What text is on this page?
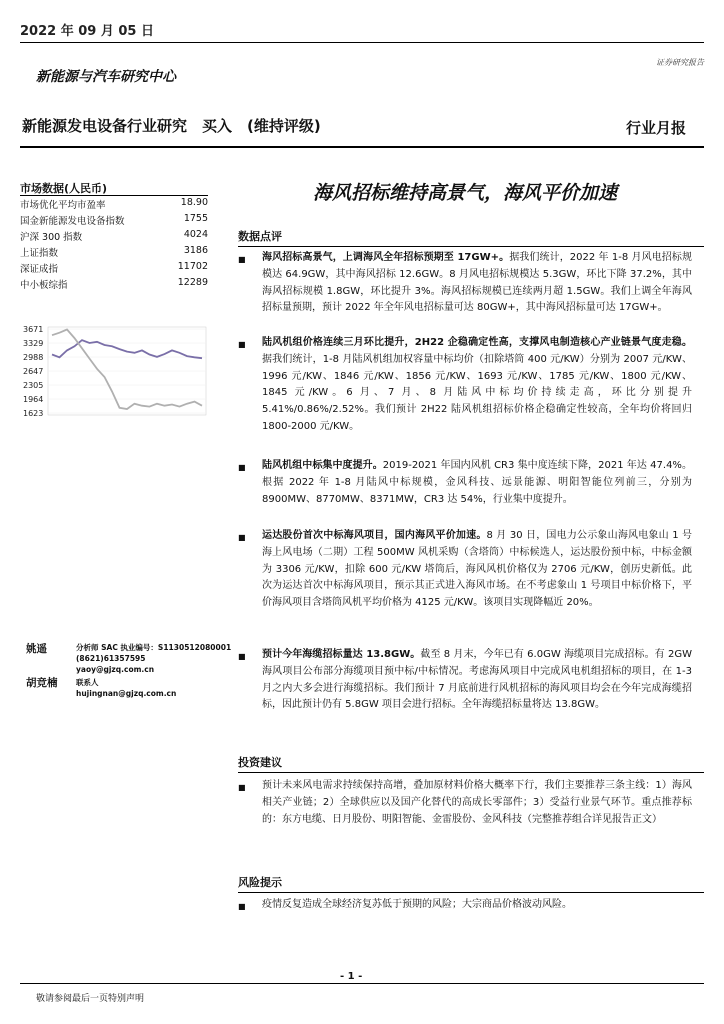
2022 年 09 月 05 日
证券研究报告
新能源与汽车研究中心
新能源发电设备行业研究　买入　(维持评级)	行业月报
市场数据(人民币)
市场优化平均市盈率	18.90
国金新能源发电设备指数	1755
沪深 300 指数	4024
上证指数	3186
深证成指	11702
中小板综指	12289
3671
3329
2988
2647
2305
1964
1623
姚遥	分析师 SAC 执业编号：S1130512080001
(8621)61357595
yaoy@gjzq.com.cn
胡竞楠 联系人
hujingnan@gjzq.com.cn
海风招标维持高景气，海风平价加速
数据点评
■ 海风招标高景气，上调海风全年招标预期至 17GW+。据我们统计，2022 年 1-8 月风电招标规模达 64.9GW，其中海风招标 12.6GW。8 月风电招标规模达 5.3GW，环比下降 37.2%，其中海风招标规模 1.8GW，环比提升 3%。海风招标规模已连续两月超 1.5GW。我们上调全年海风招标量预期，预计 2022 年全年风电招标量可达 80GW+，其中海风招标量可达 17GW+。
■ 陆风机组价格连续三月环比提升，2H22 企稳确定性高，支撑风电制造核心产业链景气度走稳。据我们统计，1-8 月陆风机组加权容量中标均价（扣除塔筒 400 元/KW）分别为 2007 元/KW、1996 元/KW、1846 元/KW、1856 元/KW、1693 元/KW、1785 元/KW、1800 元/KW、1845 元/KW。6 月、7 月、8 月陆风中标均价持续走高，环比分别提升 5.41%/0.86%/2.52%。我们预计 2H22 陆风机组招标价格企稳确定性较高，全年均价将回归 1800-2000 元/KW。
■ 陆风机组中标集中度提升。2019-2021 年国内风机 CR3 集中度连续下降，2021 年达 47.4%。根据 2022 年 1-8 月陆风中标规模，金风科技、远景能源、明阳智能位列前三，分别为 8900MW、8770MW、8371MW，CR3 达 54%，行业集中度提升。
■ 运达股份首次中标海风项目，国内海风平价加速。8 月 30 日，国电力公示象山海风电象山 1 号海上风电场（二期）工程 500MW 风机采购（含塔筒）中标候选人，运达股份预中标，中标金额为 3306 元/KW，扣除 600 元/KW 塔筒后，海风风机价格仅为 2706 元/KW，创历史新低。此次为运达首次中标海风项目，预示其正式进入海风市场。在不考虑象山 1 号项目中标价格下，平价海风项目含塔筒风机平均价格为 4125 元/KW。该项目实现降幅近 20%。
■ 预计今年海缆招标量达 13.8GW。截至 8 月末，今年已有 6.0GW 海缆项目完成招标。有 2GW 海风项目公布部分海缆项目预中标/中标情况。考虑海风项目中完成风电机组招标的项目，在 1-3 月之内大多会进行海缆招标。我们预计 7 月底前进行风机招标的海风项目均会在今年完成海缆招标，因此预计仍有 5.8GW 项目会进行招标。全年海缆招标量将达 13.8GW。
投资建议
■ 预计未来风电需求持续保持高增，叠加原材料价格大概率下行，我们主要推荐三条主线：1）海风相关产业链；2）全球供应以及国产化替代的高成长零部件；3）受益行业景气环节。重点推荐标的：东方电缆、日月股份、明阳智能、金雷股份、金风科技（完整推荐组合详见报告正文）
风险提示
■ 疫情反复造成全球经济复苏低于预期的风险；大宗商品价格波动风险。
- 1 -
敬请参阅最后一页特别声明
